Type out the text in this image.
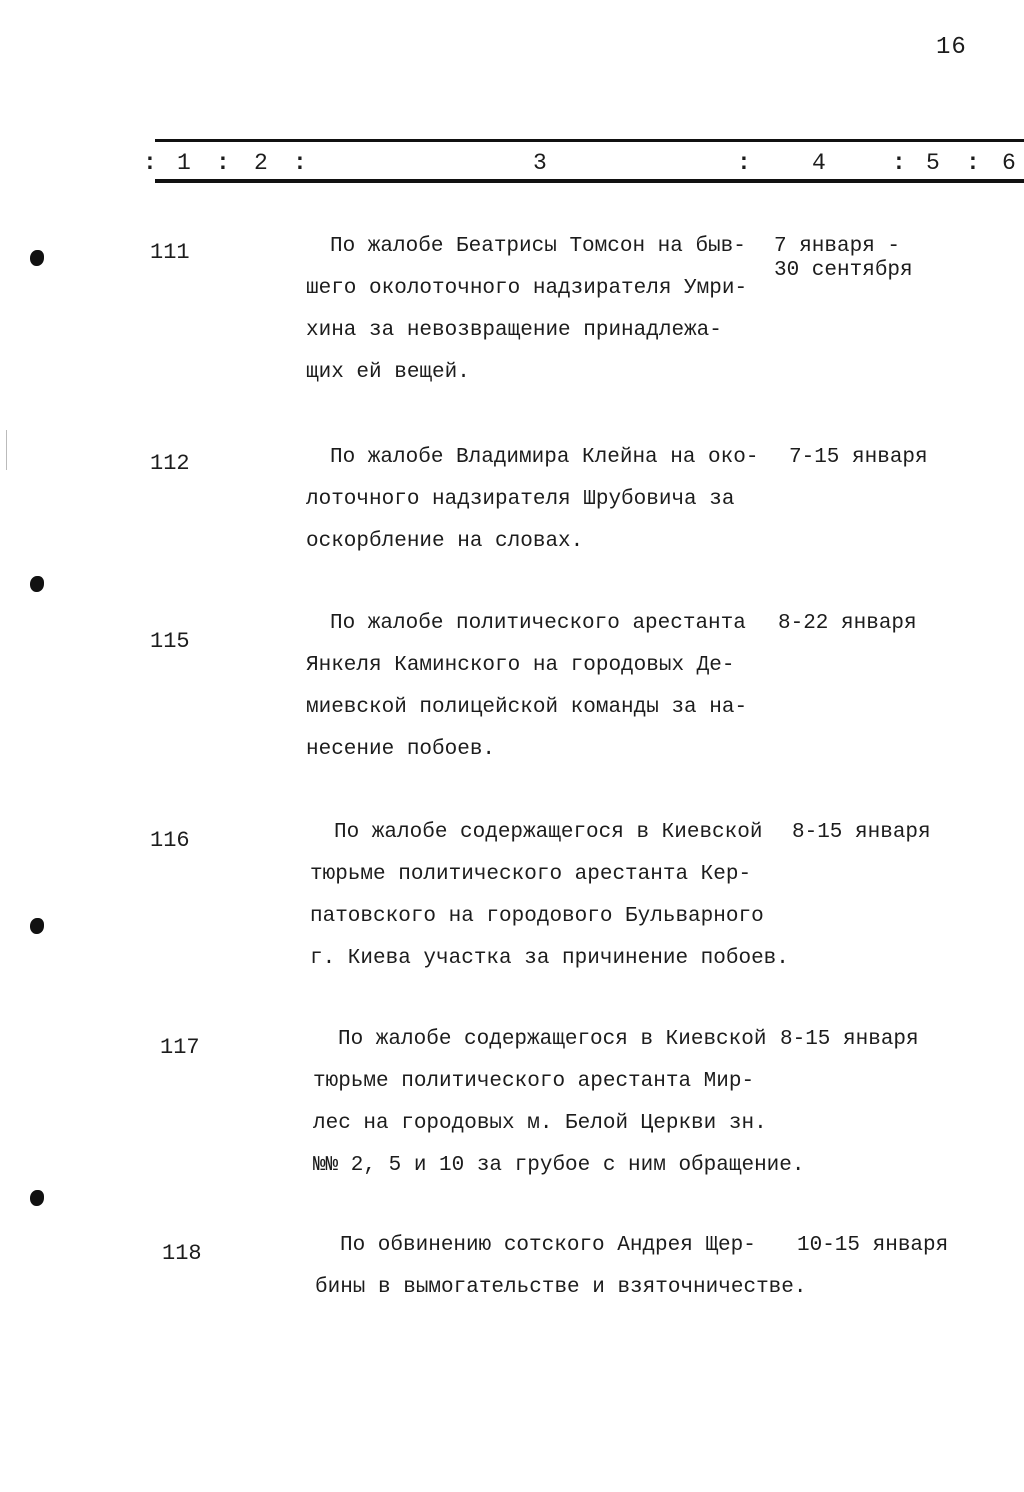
16
: 1 : 2 :	3	:	4	: 5 : 6
111	По жалобе Беатрисы Томсон на быв-
шего околоточного надзирателя Умри-
хина за невозвращение принадлежа-
щих ей вещей.
7 января -
30 сентября
112	По жалобе Владимира Клейна на око-
лоточного надзирателя Шрубовича за
оскорбление на словах.
7-15 января
115
По жалобе политического арестанта
Янкеля Каминского на городовых Де-
миевской полицейской команды за на-
несение побоев.
8-22 января
116	По жалобе содержащегося в Киевской
тюрьме политического арестанта Кер-
патовского на городового Бульварного
г. Киева участка за причинение побоев.
8-15 января
117	По жалобе содержащегося в Киевской
тюрьме политического арестанта Мир-
лес на городовых м. Белой Церкви зн.
№№ 2, 5 и 10 за грубое с ним обращение.
8-15 января
118	По обвинению сотского Андрея Щер-
бины в вымогательстве и взяточничестве.
10-15 января
